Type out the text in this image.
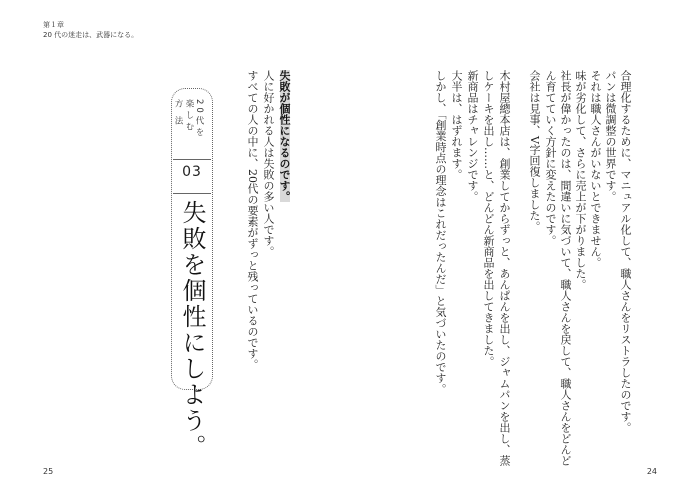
第１章
20 代の迷走は、武器になる。
合理化するために、マニュアル化して、職人さんをリストラしたのです。
パンは微調整の世界です。
それは職人さんがいないとできません。
味が劣化して、さらに売上が下がりました。
社長が偉かったのは、間違いに気づいて、職人さんを戻して、職人さんをどんど
ん育てていく方針に変えたのです。
会社は見事、V字回復しました。
木村屋總本店は、創業してからずっと、あんぱんを出し、ジャムパンを出し、蒸
しケーキを出し……と、どんどん新商品を出してきました。
新商品はチャレンジです。
大半は、はずれます。
しかし、「創業時点の理念はこれだったんだ」と気づいたのです。
失敗が個性になるのです。
人に好かれる人は失敗の多い人です。
すべての人の中に、20代の要素がずっと残っているのです。
20代を
楽しむ
方 法
03
失敗を個性にしよう。
25	24
